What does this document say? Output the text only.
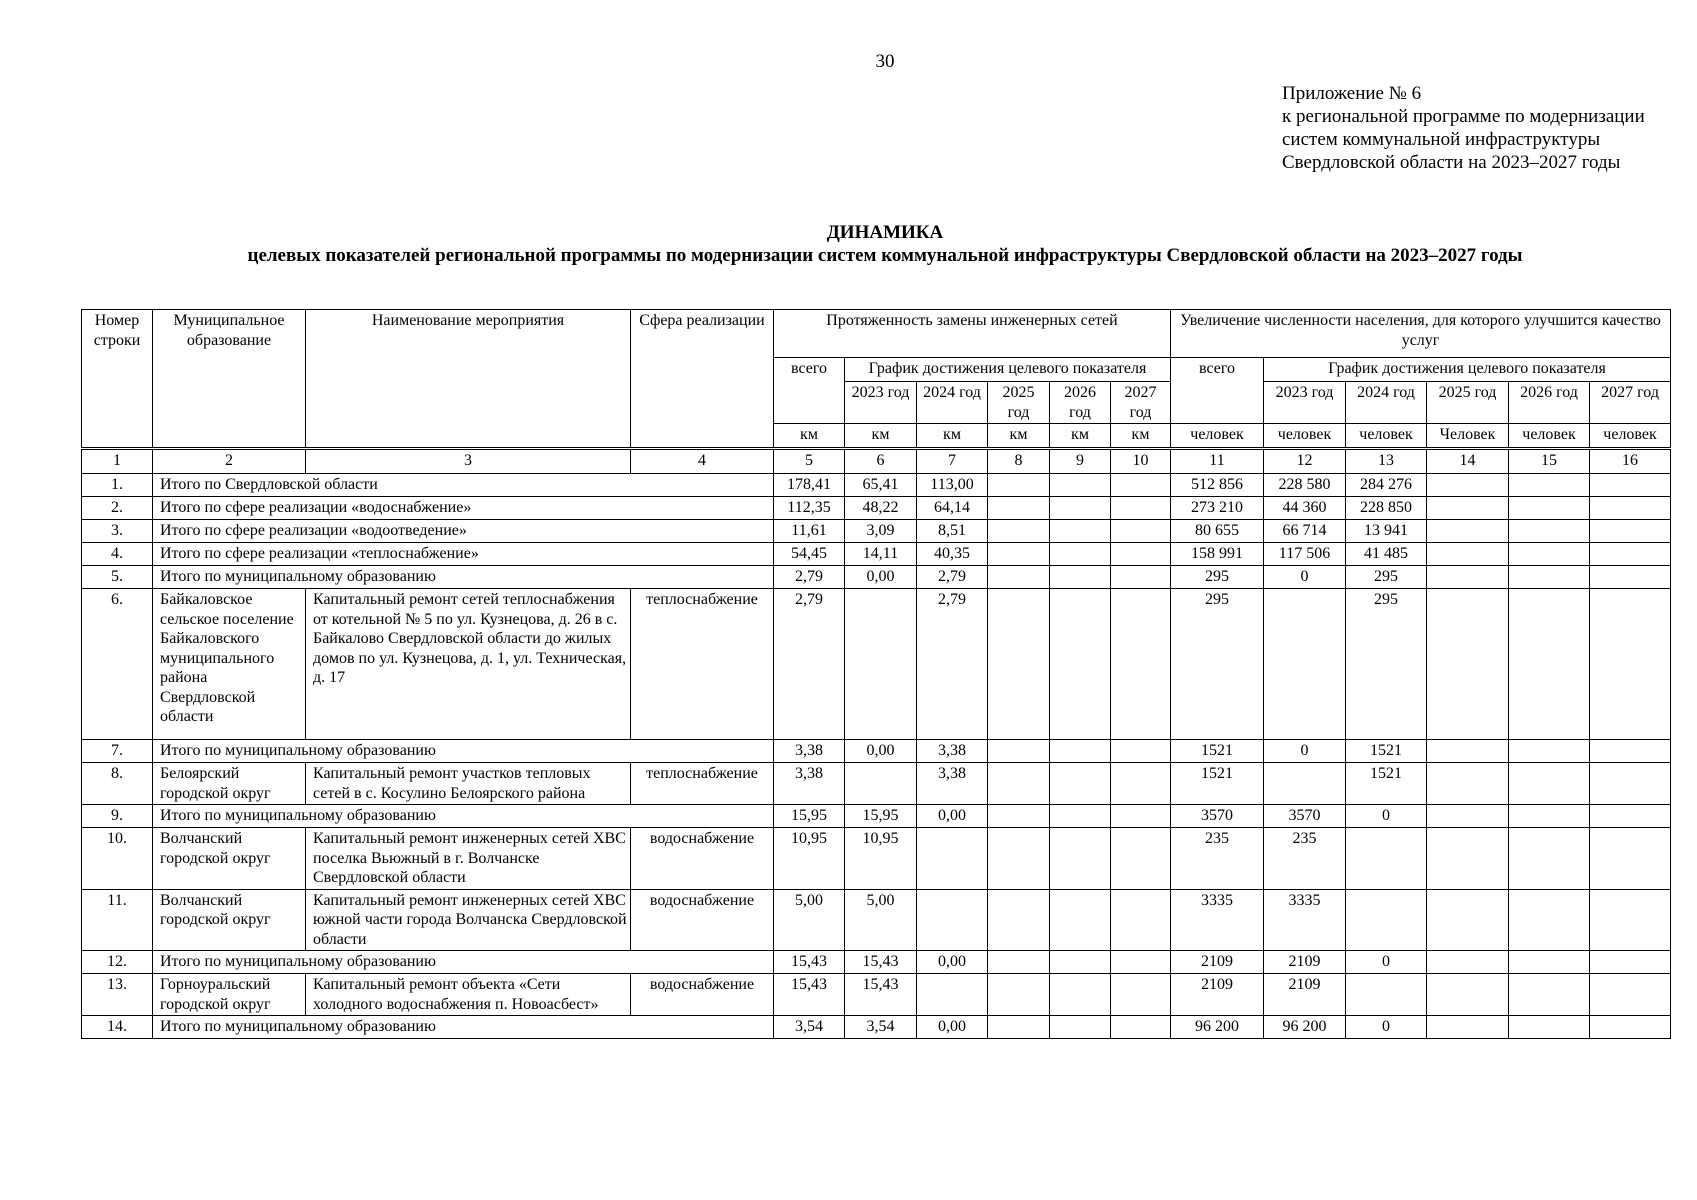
30
Приложение № 6
к региональной программе по модернизации
систем коммунальной инфраструктуры
Свердловской области на 2023–2027 годы
ДИНАМИКА
целевых показателей региональной программы по модернизации систем коммунальной инфраструктуры Свердловской области на 2023–2027 годы
Номер строки	Муниципальное образование	Наименование мероприятия	Сфера реализации	Протяженность замены инженерных сетей						Увеличение численности населения, для которого улучшится качество услуг					
				всего	График достижения целевого показателя					всего	График достижения целевого показателя				
					2023 год	2024 год	2025 год	2026 год	2027 год		2023 год	2024 год	2025 год	2026 год	2027 год
				км	км	км	км	км	км	человек	человек	человек	Человек	человек	человек
1	2	3	4	5	6	7	8	9	10	11	12	13	14	15	16
1.	Итого по Свердловской области			178,41	65,41	113,00				512 856	228 580	284 276			
2.	Итого по сфере реализации «водоснабжение»			112,35	48,22	64,14				273 210	44 360	228 850			
3.	Итого по сфере реализации «водоотведение»			11,61	3,09	8,51				80 655	66 714	13 941			
4.	Итого по сфере реализации «теплоснабжение»			54,45	14,11	40,35				158 991	117 506	41 485			
5.	Итого по муниципальному образованию			2,79	0,00	2,79				295	0	295			
6.	Байкаловское сельское поселение Байкаловского муниципального района Свердловской области	Капитальный ремонт сетей теплоснабжения от котельной № 5 по ул. Кузнецова, д. 26 в с. Байкалово Свердловской области до жилых домов по ул. Кузнецова, д. 1, ул. Техническая, д. 17	теплоснабжение	2,79		2,79				295		295			
7.	Итого по муниципальному образованию			3,38	0,00	3,38				1521	0	1521			
8.	Белоярский городской округ	Капитальный ремонт участков тепловых сетей в с. Косулино Белоярского района	теплоснабжение	3,38		3,38				1521		1521			
9.	Итого по муниципальному образованию			15,95	15,95	0,00				3570	3570	0			
10.	Волчанский городской округ	Капитальный ремонт инженерных сетей ХВС поселка Вьюжный в г. Волчанске Свердловской области	водоснабжение	10,95	10,95					235	235				
11.	Волчанский городской округ	Капитальный ремонт инженерных сетей ХВС южной части города Волчанска Свердловской области	водоснабжение	5,00	5,00					3335	3335				
12.	Итого по муниципальному образованию			15,43	15,43	0,00				2109	2109	0			
13.	Горноуральский городской округ	Капитальный ремонт объекта «Сети холодного водоснабжения п. Новоасбест»	водоснабжение	15,43	15,43					2109	2109				
14.	Итого по муниципальному образованию			3,54	3,54	0,00				96 200	96 200	0			
